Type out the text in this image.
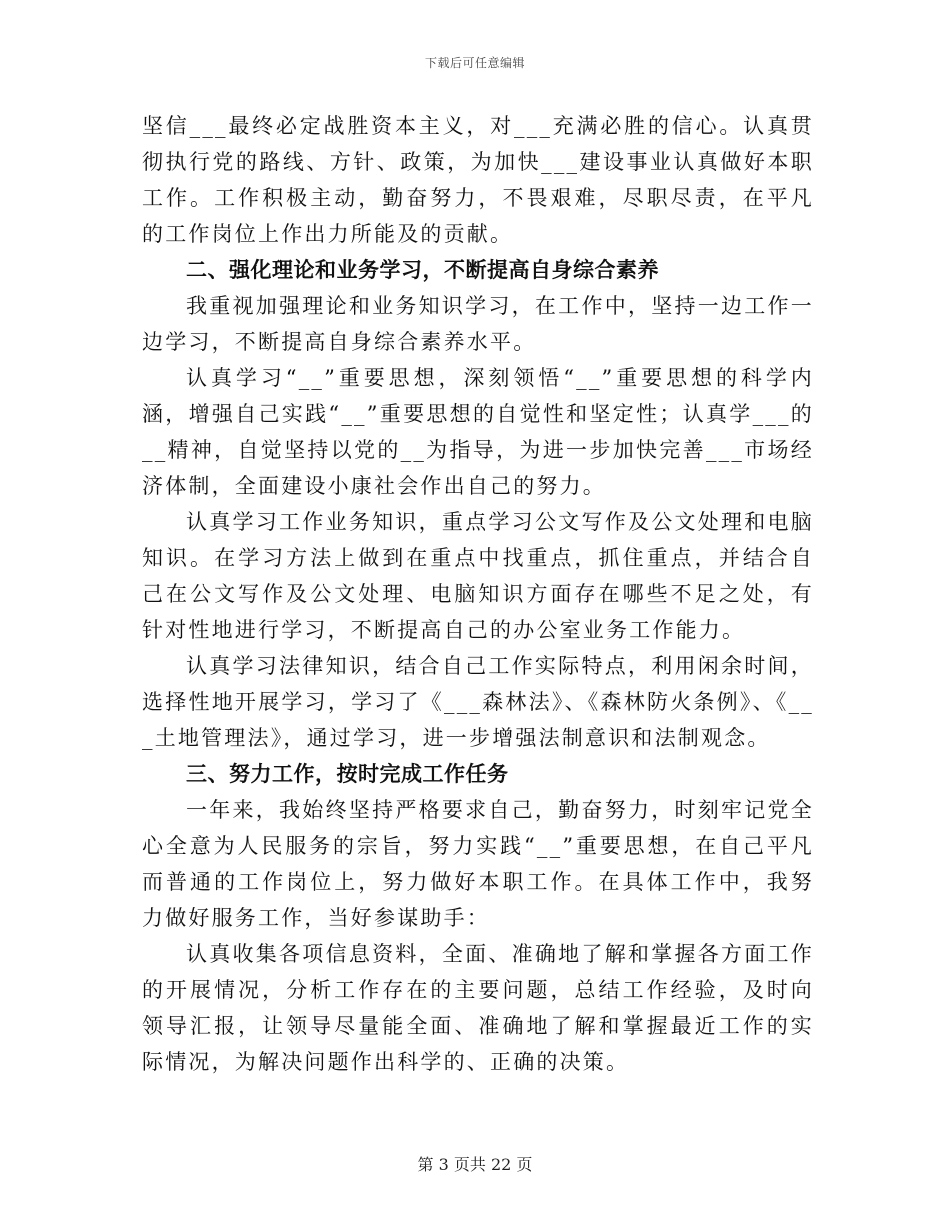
下载后可任意编辑

坚信___最终必定战胜资本主义，对___充满必胜的信心。认真贯彻执行党的路线、方针、政策，为加快___建设事业认真做好本职工作。工作积极主动，勤奋努力，不畏艰难，尽职尽责，在平凡的工作岗位上作出力所能及的贡献。

二、强化理论和业务学习，不断提高自身综合素养

我重视加强理论和业务知识学习，在工作中，坚持一边工作一边学习，不断提高自身综合素养水平。

认真学习“__”重要思想，深刻领悟“__”重要思想的科学内涵，增强自己实践“__”重要思想的自觉性和坚定性；认真学___的__精神，自觉坚持以党的__为指导，为进一步加快完善___市场经济体制，全面建设小康社会作出自己的努力。

认真学习工作业务知识，重点学习公文写作及公文处理和电脑知识。在学习方法上做到在重点中找重点，抓住重点，并结合自己在公文写作及公文处理、电脑知识方面存在哪些不足之处，有针对性地进行学习，不断提高自己的办公室业务工作能力。

认真学习法律知识，结合自己工作实际特点，利用闲余时间，选择性地开展学习，学习了《___森林法》、《森林防火条例》、《___土地管理法》，通过学习，进一步增强法制意识和法制观念。

三、努力工作，按时完成工作任务

一年来，我始终坚持严格要求自己，勤奋努力，时刻牢记党全心全意为人民服务的宗旨，努力实践“__”重要思想，在自己平凡而普通的工作岗位上，努力做好本职工作。在具体工作中，我努力做好服务工作，当好参谋助手：

认真收集各项信息资料，全面、准确地了解和掌握各方面工作的开展情况，分析工作存在的主要问题，总结工作经验，及时向领导汇报，让领导尽量能全面、准确地了解和掌握最近工作的实际情况，为解决问题作出科学的、正确的决策。

第 3 页共 22 页
